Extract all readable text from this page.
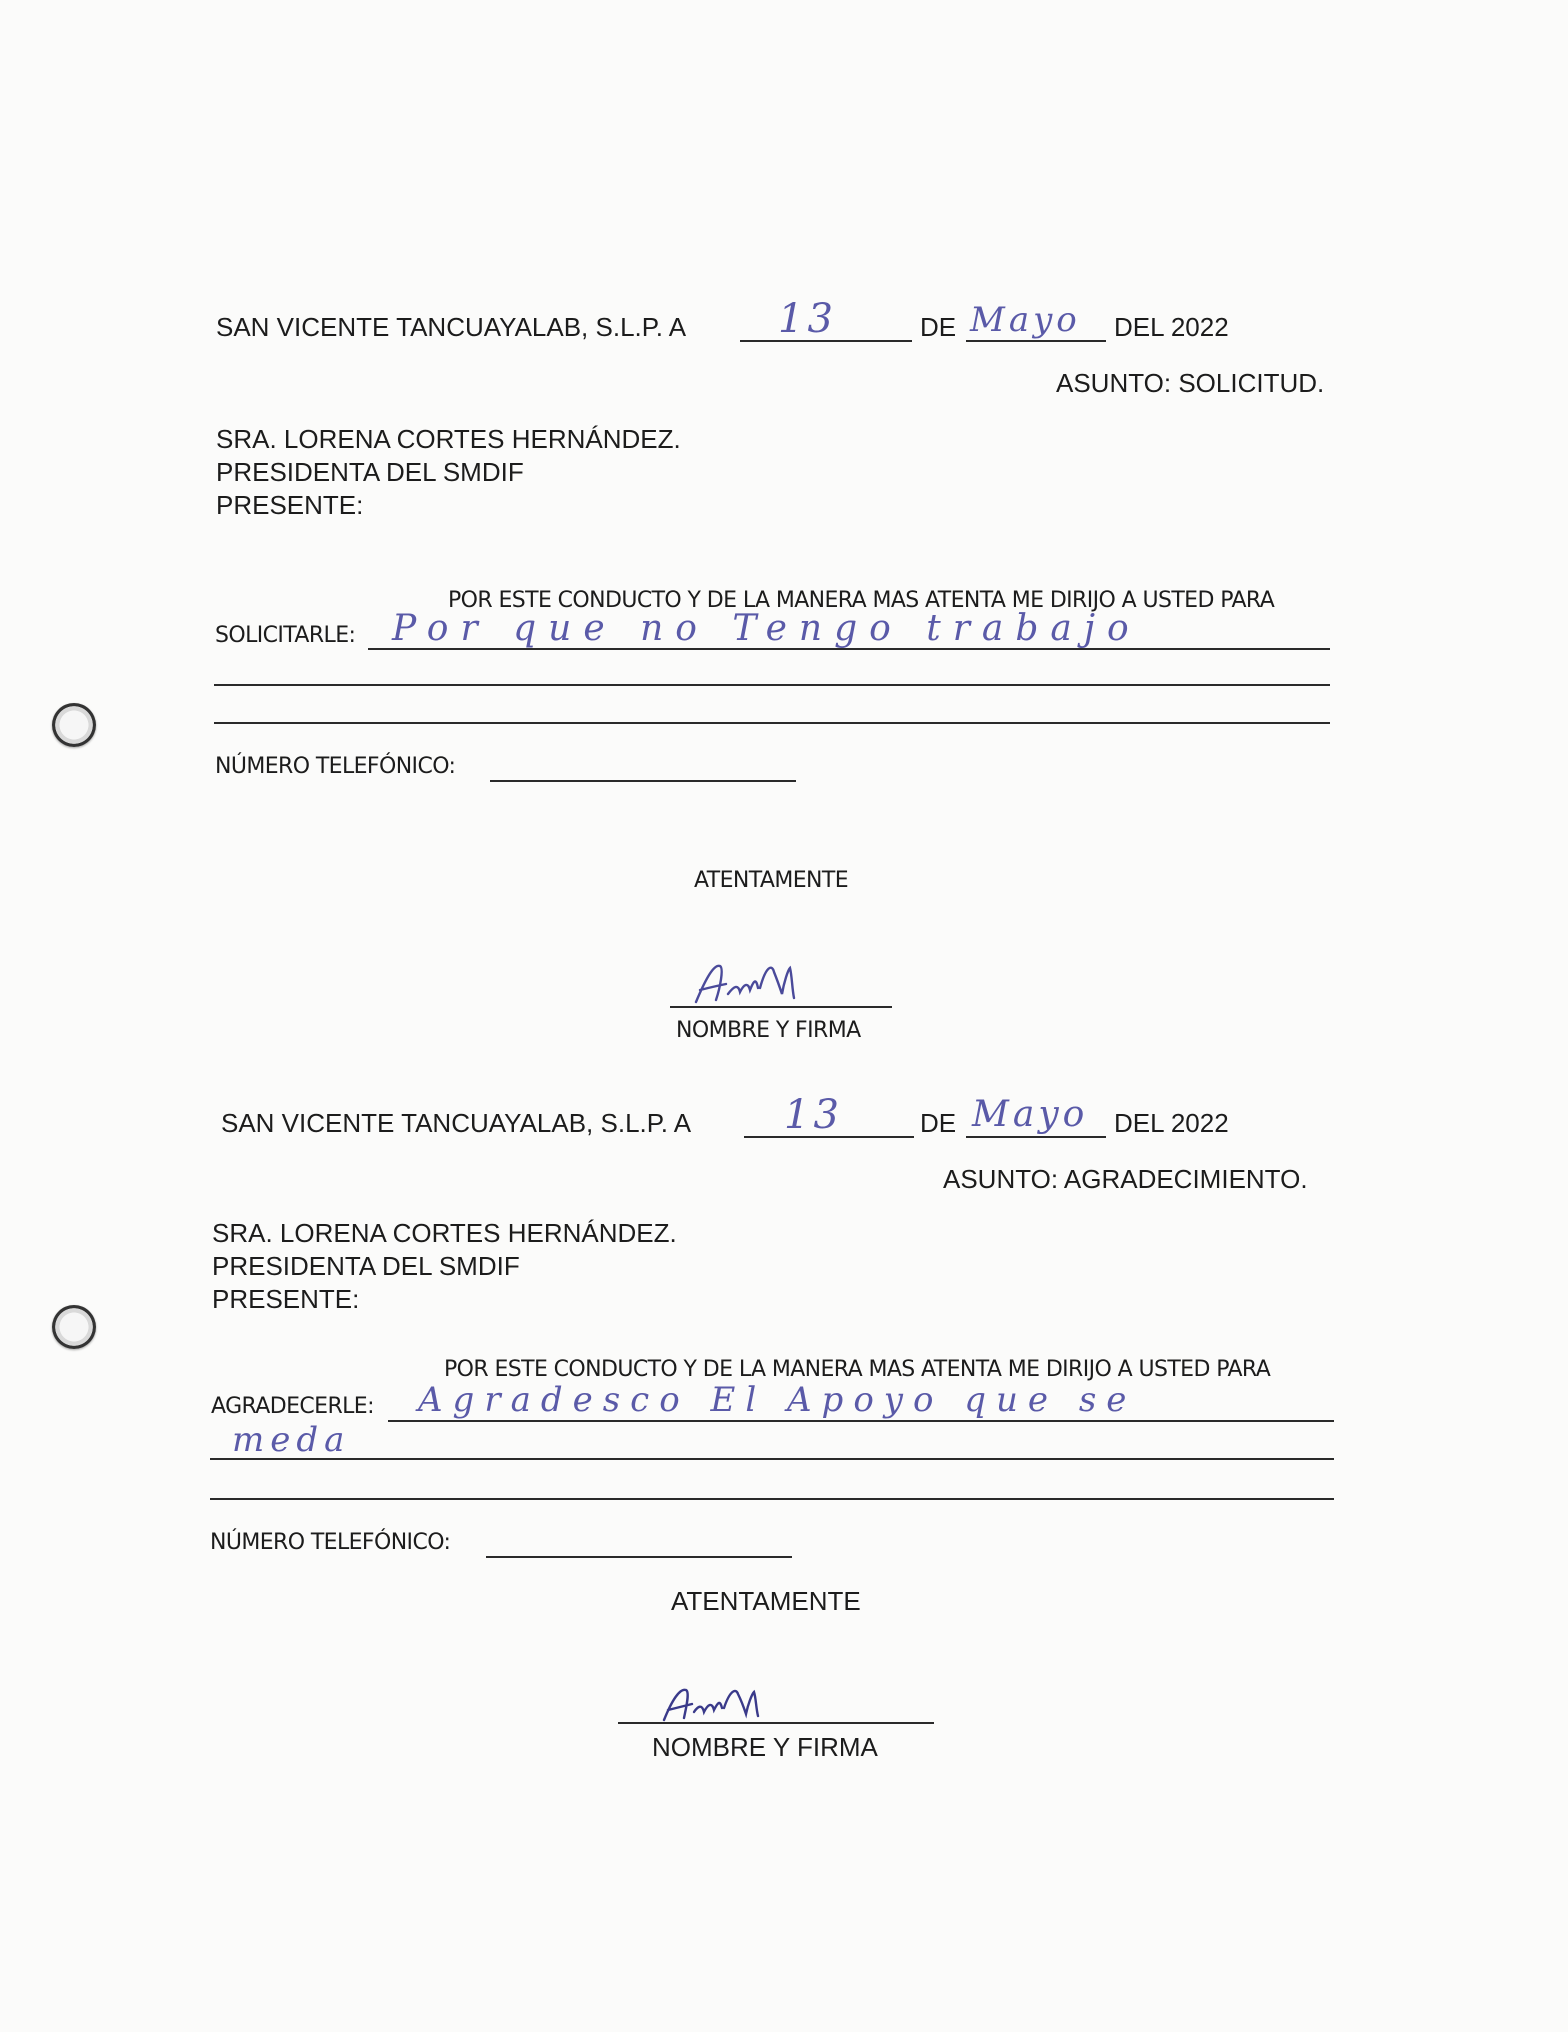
SAN VICENTE TANCUAYALAB, S.L.P. A 13	DE Mayo DEL 2022
ASUNTO: SOLICITUD.
SRA. LORENA CORTES HERNÁNDEZ.
PRESIDENTA DEL SMDIF
PRESENTE:
POR ESTE CONDUCTO Y DE LA MANERA MAS ATENTA ME DIRIJO A USTED PARA
SOLICITARLE: Por que no Tengo trabajo
NÚMERO TELEFÓNICO:
ATENTAMENTE
NOMBRE Y FIRMA
SAN VICENTE TANCUAYALAB, S.L.P. A 13	DE Mayo DEL 2022
ASUNTO: AGRADECIMIENTO.
SRA. LORENA CORTES HERNÁNDEZ.
PRESIDENTA DEL SMDIF
PRESENTE:
POR ESTE CONDUCTO Y DE LA MANERA MAS ATENTA ME DIRIJO A USTED PARA
AGRADECERLE: Agradesco El Apoyo que se
meda
NÚMERO TELEFÓNICO:
ATENTAMENTE
NOMBRE Y FIRMA
